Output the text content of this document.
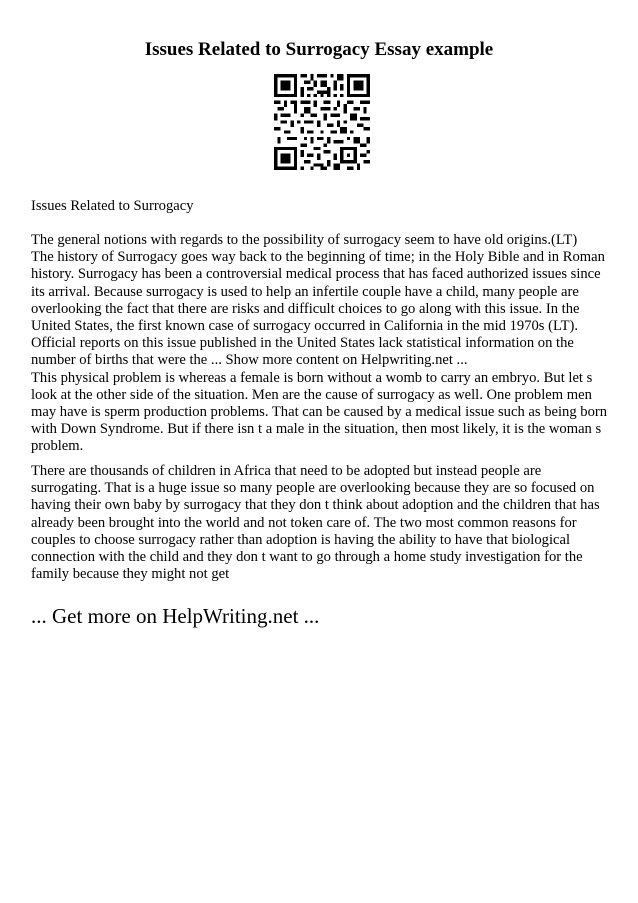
Issues Related to Surrogacy Essay example
Issues Related to Surrogacy
The general notions with regards to the possibility of surrogacy seem to have old origins.(LT)
The history of Surrogacy goes way back to the beginning of time; in the Holy Bible and in Roman
history. Surrogacy has been a controversial medical process that has faced authorized issues since
its arrival. Because surrogacy is used to help an infertile couple have a child, many people are
overlooking the fact that there are risks and difficult choices to go along with this issue. In the
United States, the first known case of surrogacy occurred in California in the mid 1970s (LT).
Official reports on this issue published in the United States lack statistical information on the
number of births that were the ... Show more content on Helpwriting.net ...
This physical problem is whereas a female is born without a womb to carry an embryo. But let s
look at the other side of the situation. Men are the cause of surrogacy as well. One problem men
may have is sperm production problems. That can be caused by a medical issue such as being born
with Down Syndrome. But if there isn t a male in the situation, then most likely, it is the woman s
problem.
There are thousands of children in Africa that need to be adopted but instead people are
surrogating. That is a huge issue so many people are overlooking because they are so focused on
having their own baby by surrogacy that they don t think about adoption and the children that has
already been brought into the world and not token care of. The two most common reasons for
couples to choose surrogacy rather than adoption is having the ability to have that biological
connection with the child and they don t want to go through a home study investigation for the
family because they might not get
... Get more on HelpWriting.net ...
